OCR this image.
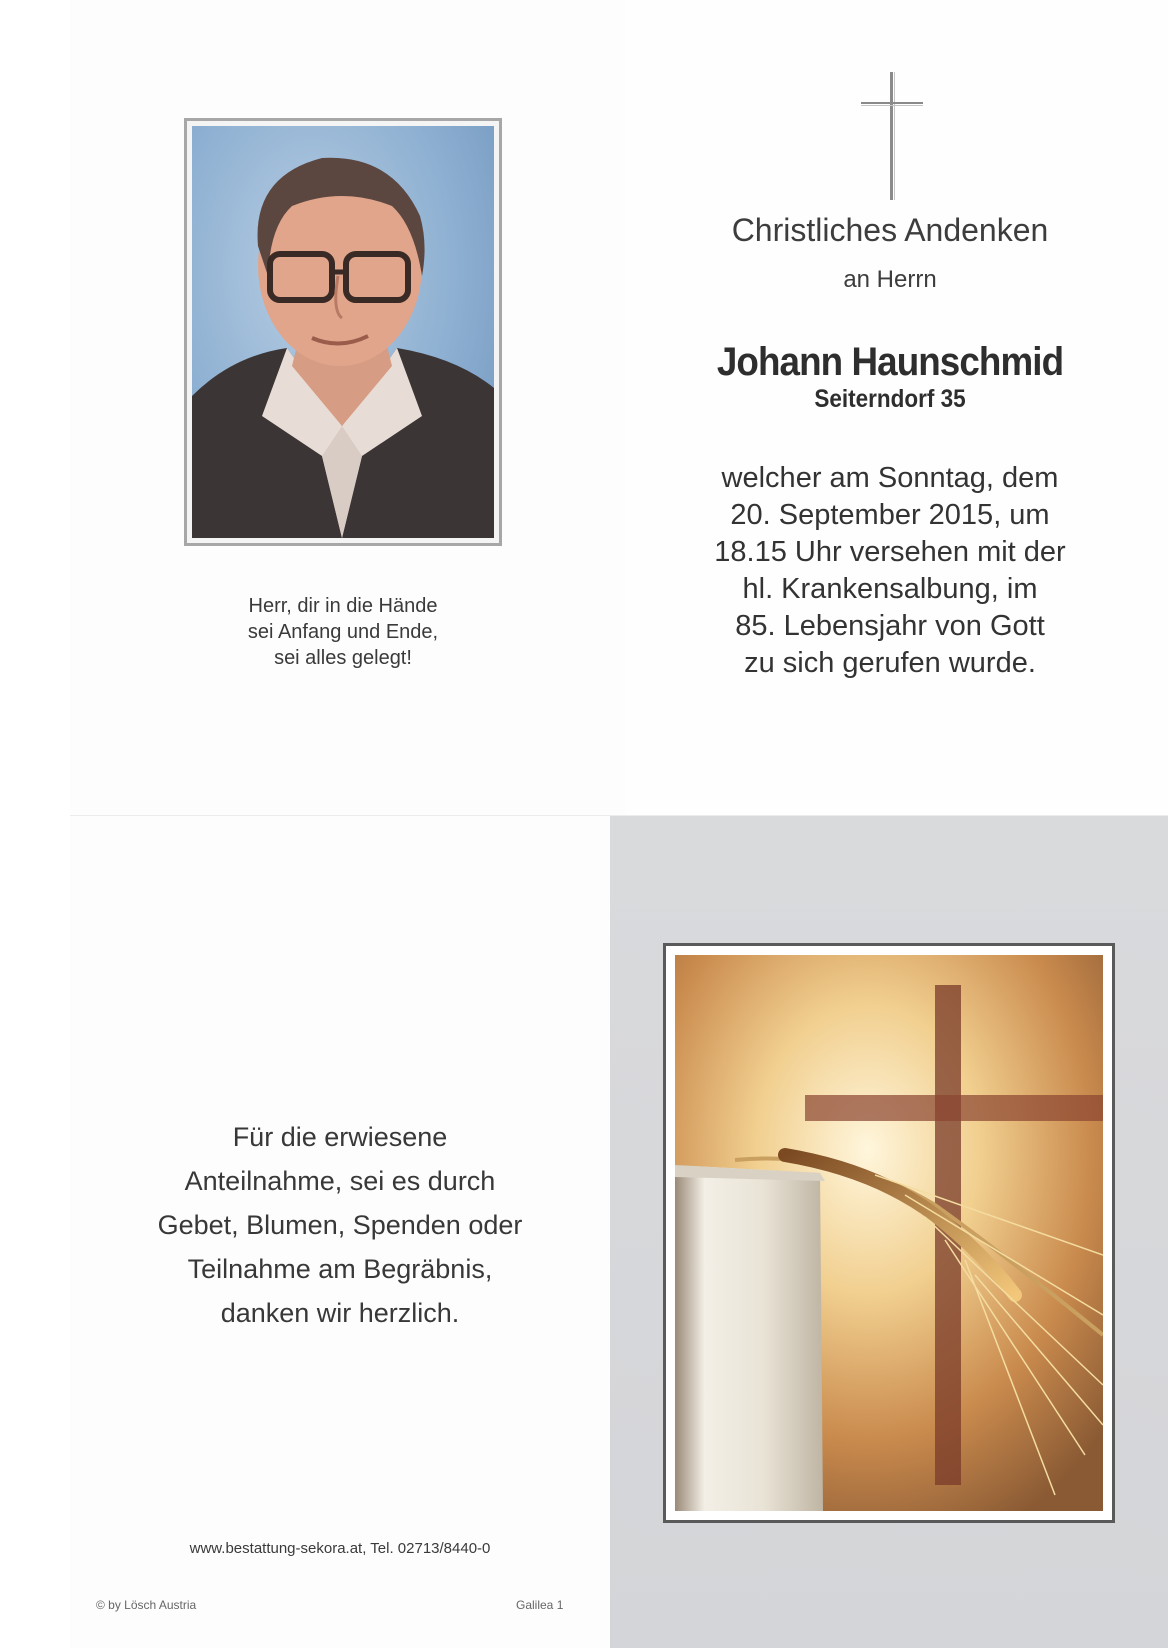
Herr, dir in die Hände
sei Anfang und Ende,
sei alles gelegt!
Christliches Andenken
an Herrn
Johann Haunschmid
Seiterndorf 35
welcher am Sonntag, dem
20. September 2015, um
18.15 Uhr versehen mit der
hl. Krankensalbung, im
85. Lebensjahr von Gott
zu sich gerufen wurde.
Für die erwiesene
Anteilnahme, sei es durch
Gebet, Blumen, Spenden oder
Teilnahme am Begräbnis,
danken wir herzlich.
www.bestattung-sekora.at, Tel. 02713/8440-0
© by Lösch Austria	Galilea 1
